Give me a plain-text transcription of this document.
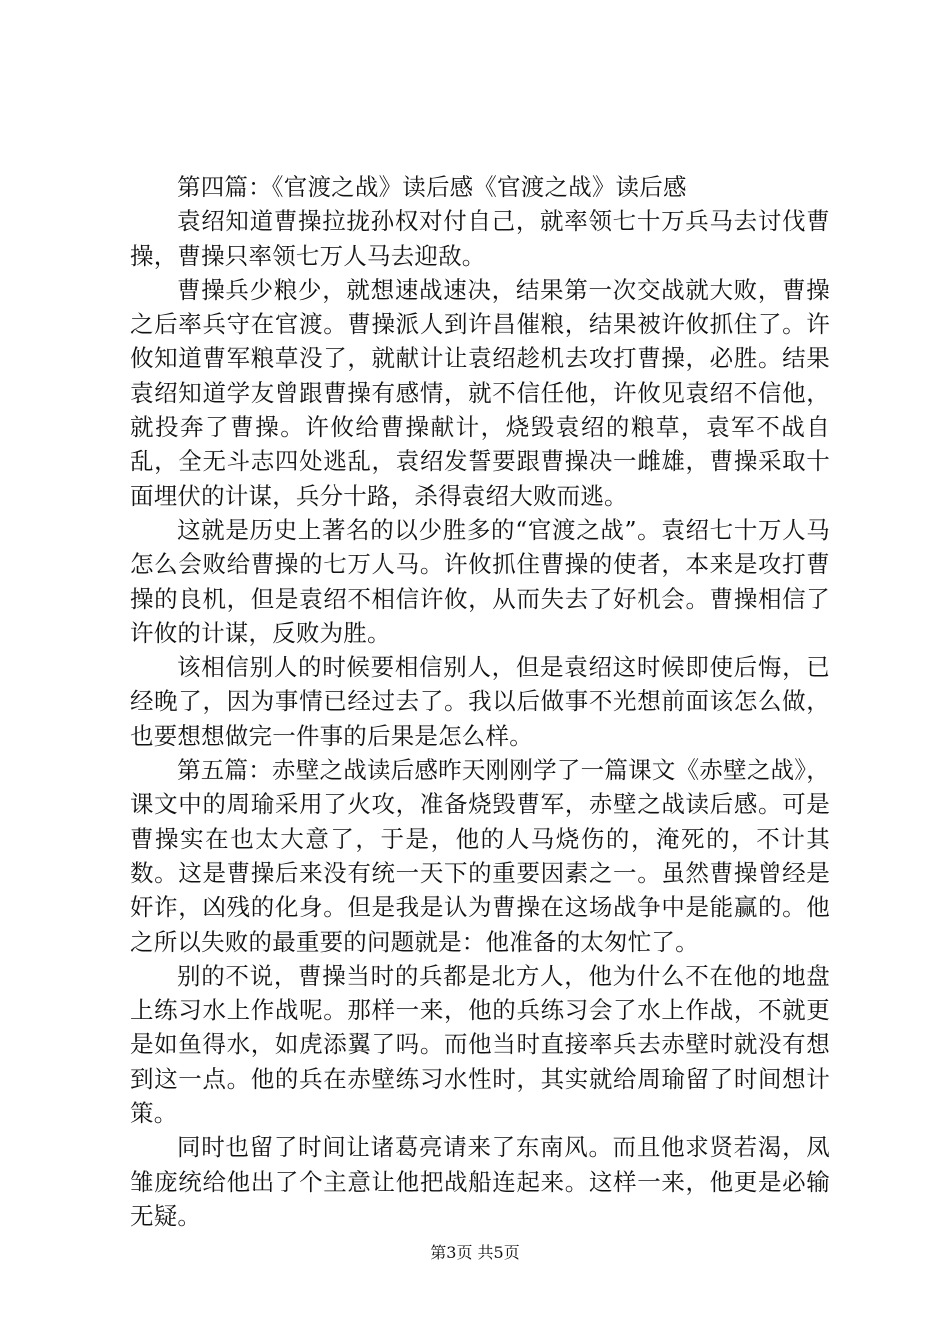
第四篇：《官渡之战》读后感《官渡之战》读后感

袁绍知道曹操拉拢孙权对付自己，就率领七十万兵马去讨伐曹操，曹操只率领七万人马去迎敌。

曹操兵少粮少，就想速战速决，结果第一次交战就大败，曹操之后率兵守在官渡。曹操派人到许昌催粮，结果被许攸抓住了。许攸知道曹军粮草没了，就献计让袁绍趁机去攻打曹操，必胜。结果袁绍知道学友曾跟曹操有感情，就不信任他，许攸见袁绍不信他，就投奔了曹操。许攸给曹操献计，烧毁袁绍的粮草，袁军不战自乱，全无斗志四处逃乱，袁绍发誓要跟曹操决一雌雄，曹操采取十面埋伏的计谋，兵分十路，杀得袁绍大败而逃。

这就是历史上著名的以少胜多的“官渡之战”。袁绍七十万人马怎么会败给曹操的七万人马。许攸抓住曹操的使者，本来是攻打曹操的良机，但是袁绍不相信许攸，从而失去了好机会。曹操相信了许攸的计谋，反败为胜。

该相信别人的时候要相信别人，但是袁绍这时候即使后悔，已经晚了，因为事情已经过去了。我以后做事不光想前面该怎么做，也要想想做完一件事的后果是怎么样。

第五篇：赤壁之战读后感昨天刚刚学了一篇课文《赤壁之战》，课文中的周瑜采用了火攻，准备烧毁曹军，赤壁之战读后感。可是曹操实在也太大意了，于是，他的人马烧伤的，淹死的，不计其数。这是曹操后来没有统一天下的重要因素之一。虽然曹操曾经是奸诈，凶残的化身。但是我是认为曹操在这场战争中是能赢的。他之所以失败的最重要的问题就是：他准备的太匆忙了。

别的不说，曹操当时的兵都是北方人，他为什么不在他的地盘上练习水上作战呢。那样一来，他的兵练习会了水上作战，不就更是如鱼得水，如虎添翼了吗。而他当时直接率兵去赤壁时就没有想到这一点。他的兵在赤壁练习水性时，其实就给周瑜留了时间想计策。

同时也留了时间让诸葛亮请来了东南风。而且他求贤若渴，凤雏庞统给他出了个主意让他把战船连起来。这样一来，他更是必输无疑。

第3页 共5页
